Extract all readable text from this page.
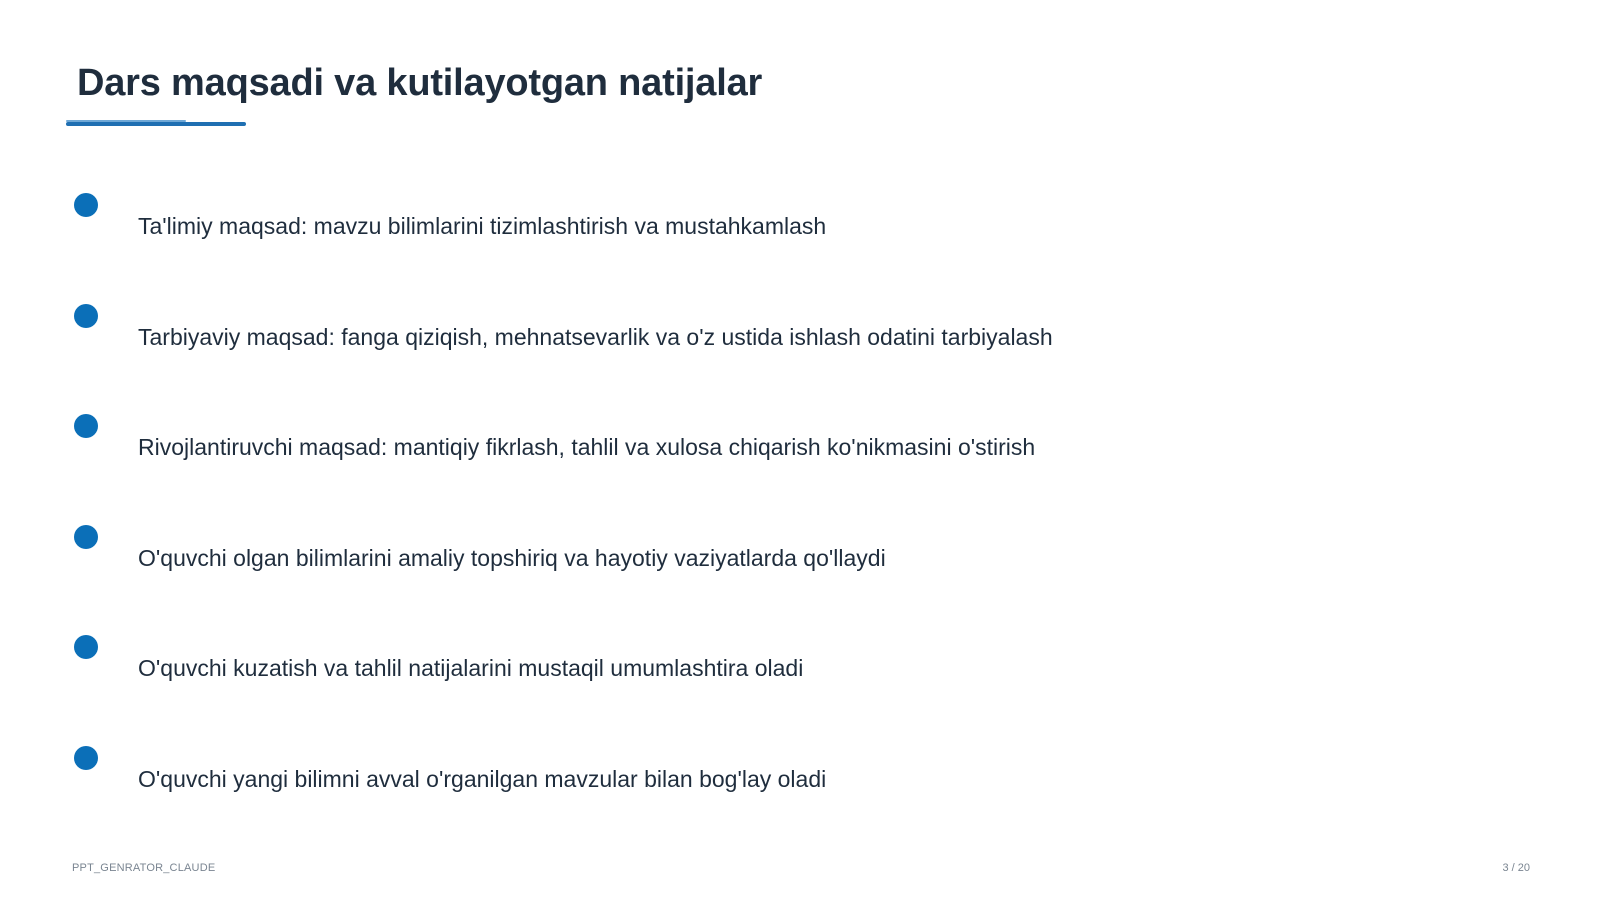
Dars maqsadi va kutilayotgan natijalar
Ta'limiy maqsad: mavzu bilimlarini tizimlashtirish va mustahkamlash
Tarbiyaviy maqsad: fanga qiziqish, mehnatsevarlik va o'z ustida ishlash odatini tarbiyalash
Rivojlantiruvchi maqsad: mantiqiy fikrlash, tahlil va xulosa chiqarish ko'nikmasini o'stirish
O'quvchi olgan bilimlarini amaliy topshiriq va hayotiy vaziyatlarda qo'llaydi
O'quvchi kuzatish va tahlil natijalarini mustaqil umumlashtira oladi
O'quvchi yangi bilimni avval o'rganilgan mavzular bilan bog'lay oladi
PPT_GENRATOR_CLAUDE	3 / 20
